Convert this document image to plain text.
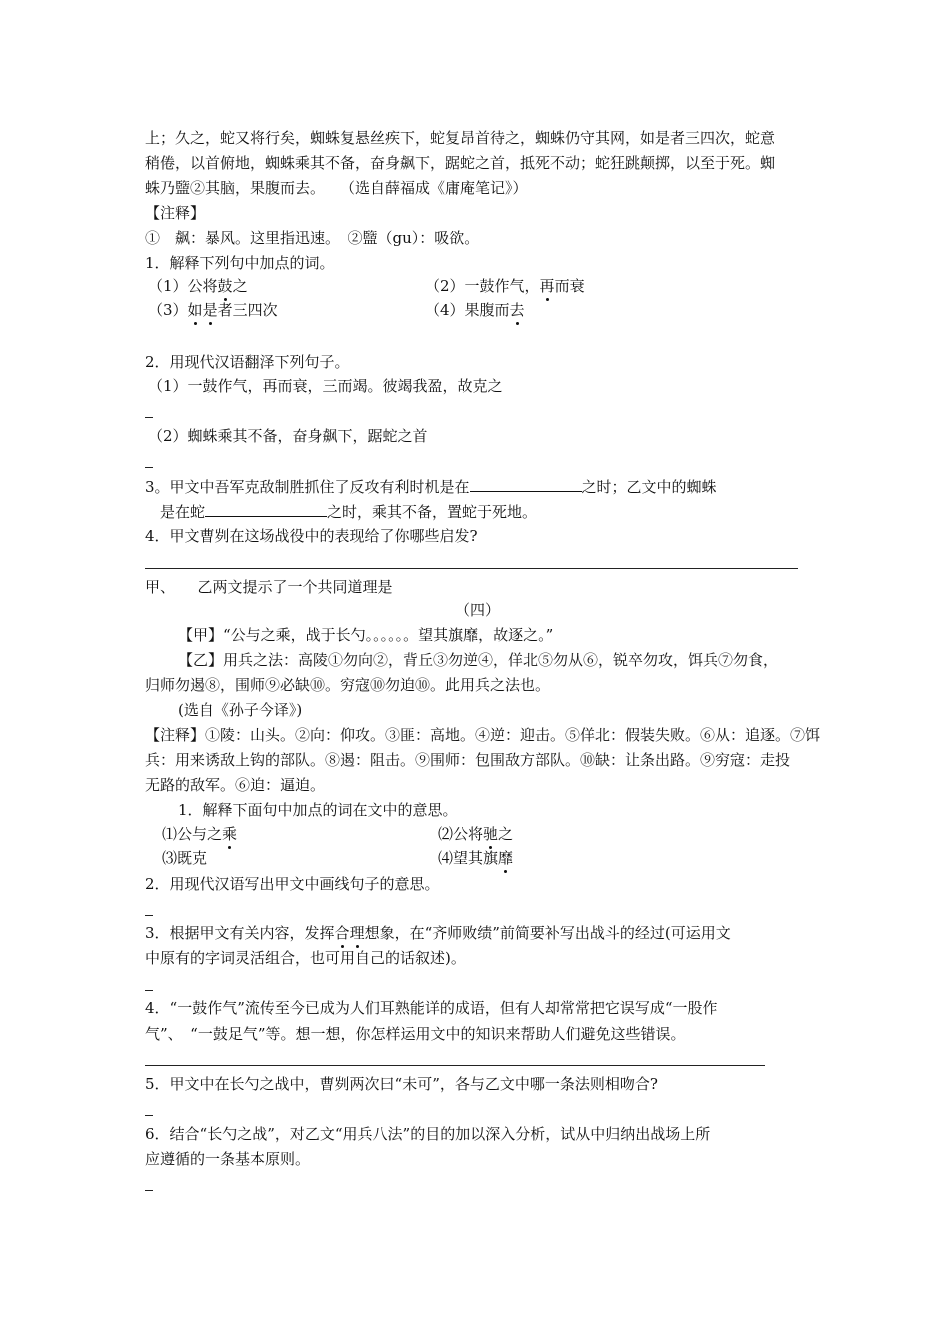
上；久之，蛇又将行矣，蜘蛛复悬丝疾下，蛇复昂首待之，蜘蛛仍守其网，如是者三四次，蛇意
稍倦，以首俯地，蜘蛛乘其不备，奋身飙下，踞蛇之首，抵死不动；蛇狂跳颠掷，以至于死。蜘
蛛乃盬②其脑，果腹而去。　　（选自薛福成《庸庵笔记》）
【注释】
①　飙：暴风。这里指迅速。　②盬（gu）：吸欲。
1．解释下列句中加点的词。
（1）公将鼓之	（2）一鼓作气，再而衰
（3）如是者三四次	（4）果腹而去
2．用现代汉语翻泽下列句子。
（1）一鼓作气，再而衰，三而竭。彼竭我盈，故克之
（2）蜘蛛乘其不备，奋身飙下，踞蛇之首
3。甲文中吾军克敌制胜抓住了反攻有利时机是在	之时；乙文中的蜘蛛
　是在蛇	之时，乘其不备，置蛇于死地。
4．甲文曹刿在这场战役中的表现给了你哪些启发?
甲、　　乙两文提示了一个共同道理是
（四）
【甲】“公与之乘，战于长勺。。。。。。望其旗靡，故逐之。”
【乙】用兵之法：高陵①勿向②，背丘③勿逆④，佯北⑤勿从⑥，锐卒勿攻，饵兵⑦勿食，
归师勿遏⑧，围师⑨必缺⑩。穷寇⑩勿迫⑩。此用兵之法也。
(选自《孙子今译》)
【注释】①陵：山头。②向：仰攻。③匪：高地。④逆：迎击。⑤佯北：假装失败。⑥从：追逐。⑦饵
兵：用来诱敌上钩的部队。⑧遏：阻击。⑨围师：包围敌方部队。⑩缺：让条出路。⑨穷寇：走投
无路的敌军。⑥迫：逼迫。
1．解释下面句中加点的词在文中的意思。
⑴公与之乘	⑵公将驰之
⑶既克	⑷望其旗靡
2．用现代汉语写出甲文中画线句子的意思。
3．根据甲文有关内容，发挥合理想象，在“齐师败绩”前简要补写出战斗的经过(可运用文
中原有的字词灵活组合，也可用自己的话叙述)。
4．“一鼓作气”流传至今已成为人们耳熟能详的成语，但有人却常常把它误写成“一股作
气”、　“一鼓足气”等。想一想，你怎样运用文中的知识来帮助人们避免这些错误。
5．甲文中在长勺之战中，曹刿两次曰“未可”，各与乙文中哪一条法则相吻合?
6．结合“长勺之战”，对乙文“用兵八法”的目的加以深入分析，试从中归纳出战场上所
应遵循的一条基本原则。
